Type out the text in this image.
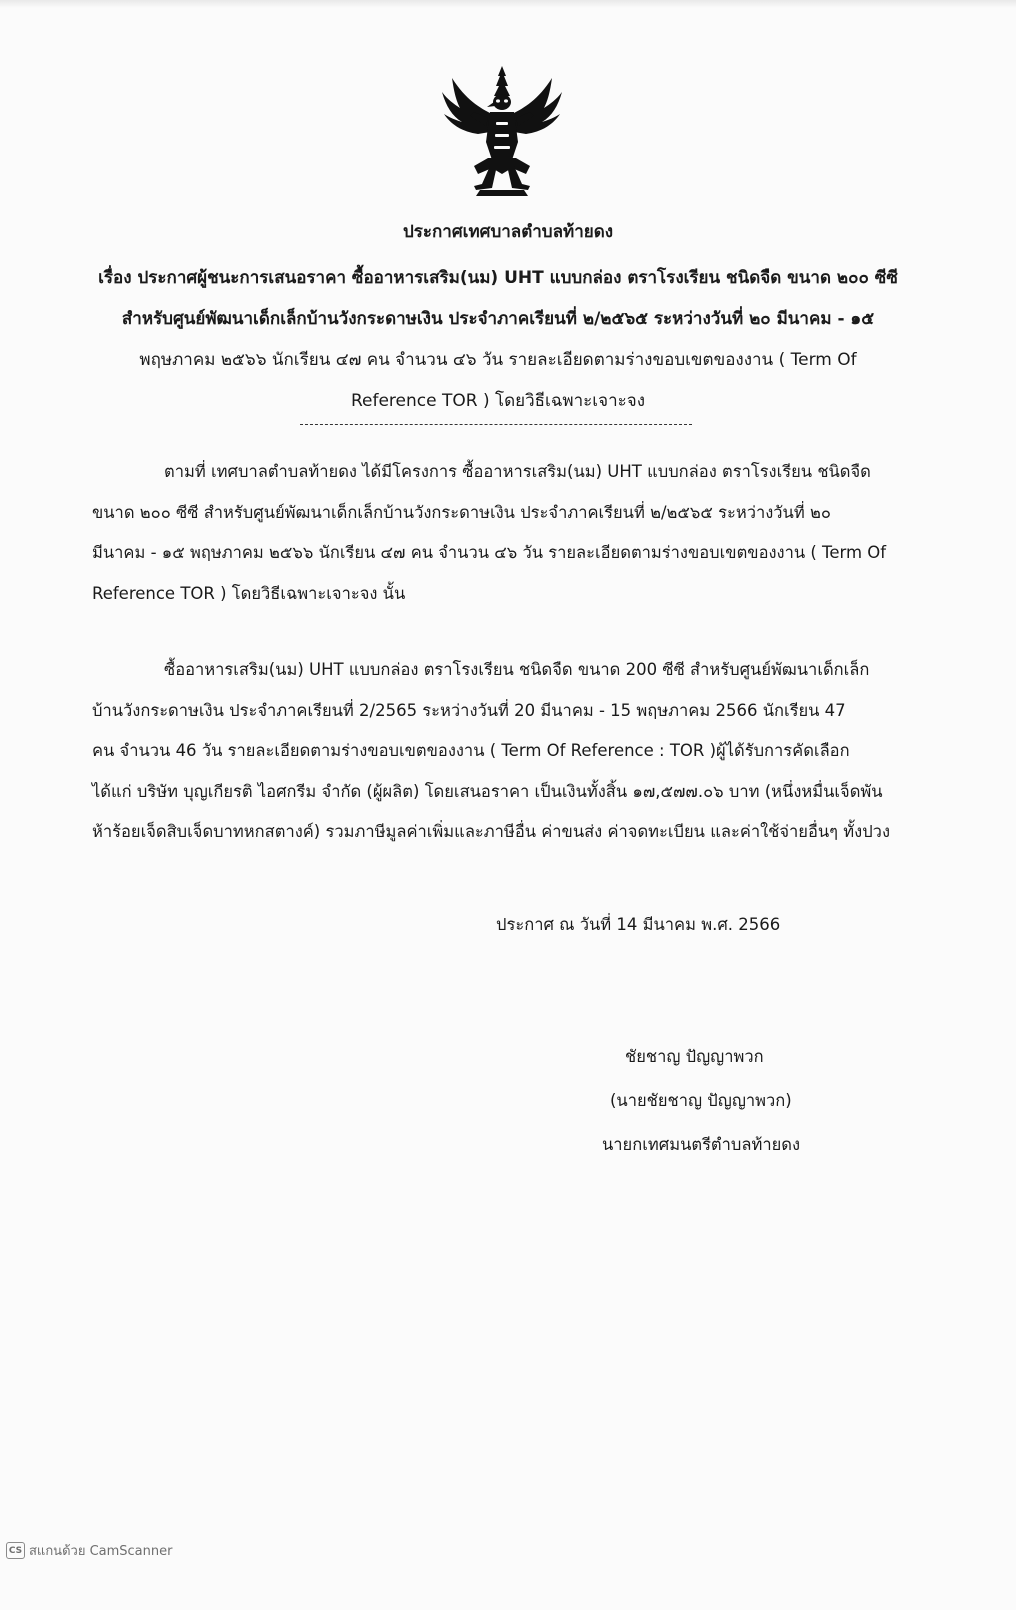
ประกาศเทศบาลตำบลท้ายดง
เรื่อง ประกาศผู้ชนะการเสนอราคา ซื้ออาหารเสริม(นม) UHT แบบกล่อง ตราโรงเรียน ชนิดจืด ขนาด ๒๐๐ ซีซี
สำหรับศูนย์พัฒนาเด็กเล็กบ้านวังกระดาษเงิน ประจำภาคเรียนที่ ๒/๒๕๖๕ ระหว่างวันที่ ๒๐ มีนาคม - ๑๕
พฤษภาคม ๒๕๖๖ นักเรียน ๔๗ คน จำนวน ๔๖ วัน รายละเอียดตามร่างขอบเขตของงาน ( Term Of
Reference TOR ) โดยวิธีเฉพาะเจาะจง
ตามที่ เทศบาลตำบลท้ายดง ได้มีโครงการ ซื้ออาหารเสริม(นม) UHT แบบกล่อง ตราโรงเรียน ชนิดจืด
ขนาด ๒๐๐ ซีซี สำหรับศูนย์พัฒนาเด็กเล็กบ้านวังกระดาษเงิน ประจำภาคเรียนที่ ๒/๒๕๖๕ ระหว่างวันที่ ๒๐
มีนาคม - ๑๕ พฤษภาคม ๒๕๖๖ นักเรียน ๔๗ คน จำนวน ๔๖ วัน รายละเอียดตามร่างขอบเขตของงาน ( Term Of
Reference TOR ) โดยวิธีเฉพาะเจาะจง นั้น
ซื้ออาหารเสริม(นม) UHT แบบกล่อง ตราโรงเรียน ชนิดจืด ขนาด 200 ซีซี สำหรับศูนย์พัฒนาเด็กเล็ก
บ้านวังกระดาษเงิน ประจำภาคเรียนที่ 2/2565 ระหว่างวันที่ 20 มีนาคม - 15 พฤษภาคม 2566 นักเรียน 47
คน จำนวน 46 วัน รายละเอียดตามร่างขอบเขตของงาน ( Term Of Reference : TOR )ผู้ได้รับการคัดเลือก
ได้แก่ บริษัท บุญเกียรติ ไอศกรีม จำกัด (ผู้ผลิต) โดยเสนอราคา เป็นเงินทั้งสิ้น ๑๗,๕๗๗.๐๖ บาท (หนึ่งหมื่นเจ็ดพัน
ห้าร้อยเจ็ดสิบเจ็ดบาทหกสตางค์) รวมภาษีมูลค่าเพิ่มและภาษีอื่น ค่าขนส่ง ค่าจดทะเบียน และค่าใช้จ่ายอื่นๆ ทั้งปวง

ประกาศ ณ วันที่ 14 มีนาคม พ.ศ. 2566

ชัยชาญ ปัญญาพวก
(นายชัยชาญ ปัญญาพวก)
นายกเทศมนตรีตำบลท้ายดง
CS สแกนด้วย CamScanner
